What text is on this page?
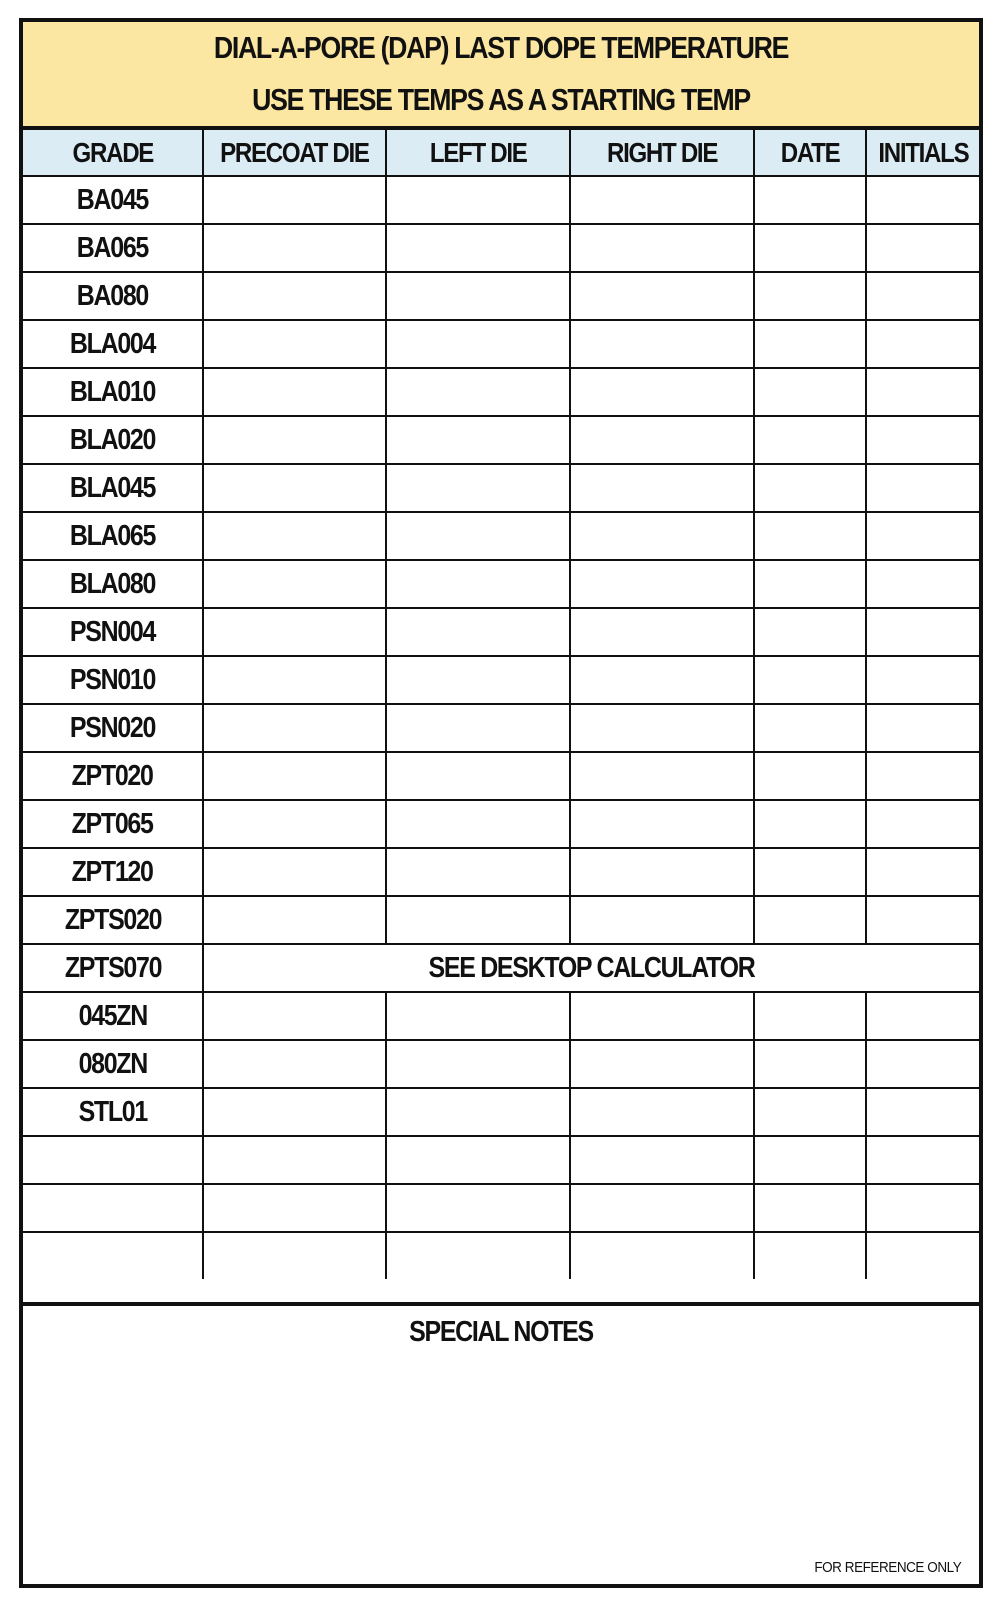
DIAL-A-PORE (DAP) LAST DOPE TEMPERATURE
USE THESE TEMPS AS A STARTING TEMP
GRADE	PRECOAT DIE	LEFT DIE	RIGHT DIE	DATE	INITIALS
BA045					
BA065					
BA080					
BLA004					
BLA010					
BLA020					
BLA045					
BLA065					
BLA080					
PSN004					
PSN010					
PSN020					
ZPT020					
ZPT065					
ZPT120					
ZPTS020					
ZPTS070	SEE DESKTOP CALCULATOR				
045ZN					
080ZN					
STL01					

SPECIAL NOTES
FOR REFERENCE ONLY
